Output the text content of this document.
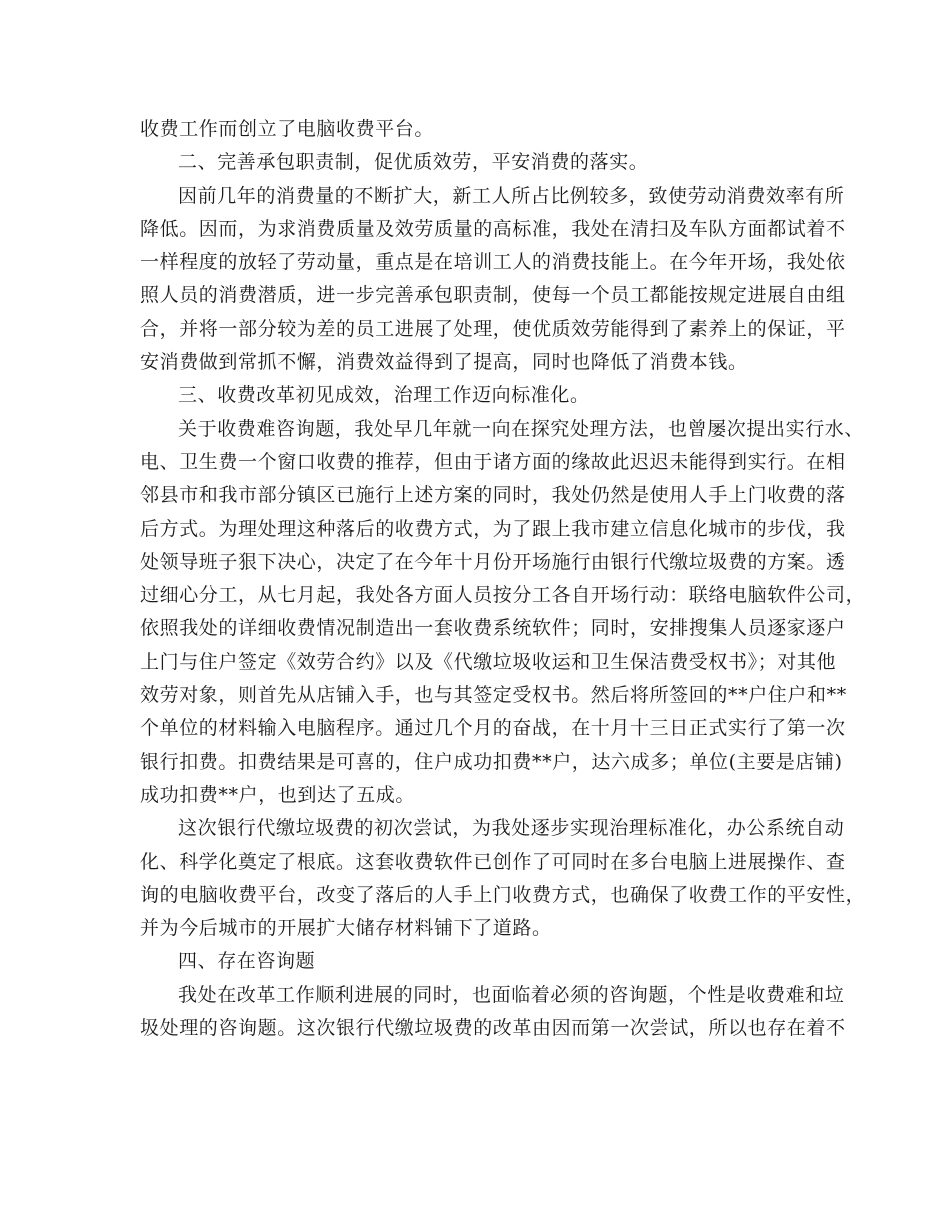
收费工作而创立了电脑收费平台。
二、完善承包职责制，促优质效劳，平安消费的落实。
因前几年的消费量的不断扩大，新工人所占比例较多，致使劳动消费效率有所
降低。因而，为求消费质量及效劳质量的高标准，我处在清扫及车队方面都试着不
一样程度的放轻了劳动量，重点是在培训工人的消费技能上。在今年开场，我处依
照人员的消费潜质，进一步完善承包职责制，使每一个员工都能按规定进展自由组
合，并将一部分较为差的员工进展了处理，使优质效劳能得到了素养上的保证，平
安消费做到常抓不懈，消费效益得到了提高，同时也降低了消费本钱。
三、收费改革初见成效，治理工作迈向标准化。
关于收费难咨询题，我处早几年就一向在探究处理方法，也曾屡次提出实行水、
电、卫生费一个窗口收费的推荐，但由于诸方面的缘故此迟迟未能得到实行。在相
邻县市和我市部分镇区已施行上述方案的同时，我处仍然是使用人手上门收费的落
后方式。为理处理这种落后的收费方式，为了跟上我市建立信息化城市的步伐，我
处领导班子狠下决心，决定了在今年十月份开场施行由银行代缴垃圾费的方案。透
过细心分工，从七月起，我处各方面人员按分工各自开场行动：联络电脑软件公司，
依照我处的详细收费情况制造出一套收费系统软件；同时，安排搜集人员逐家逐户
上门与住户签定《效劳合约》以及《代缴垃圾收运和卫生保洁费受权书》；对其他
效劳对象，则首先从店铺入手，也与其签定受权书。然后将所签回的**户住户和**
个单位的材料输入电脑程序。通过几个月的奋战，在十月十三日正式实行了第一次
银行扣费。扣费结果是可喜的，住户成功扣费**户，达六成多；单位(主要是店铺)
成功扣费**户，也到达了五成。
这次银行代缴垃圾费的初次尝试，为我处逐步实现治理标准化，办公系统自动
化、科学化奠定了根底。这套收费软件已创作了可同时在多台电脑上进展操作、查
询的电脑收费平台，改变了落后的人手上门收费方式，也确保了收费工作的平安性，
并为今后城市的开展扩大储存材料铺下了道路。
四、存在咨询题
我处在改革工作顺利进展的同时，也面临着必须的咨询题，个性是收费难和垃
圾处理的咨询题。这次银行代缴垃圾费的改革由因而第一次尝试，所以也存在着不
